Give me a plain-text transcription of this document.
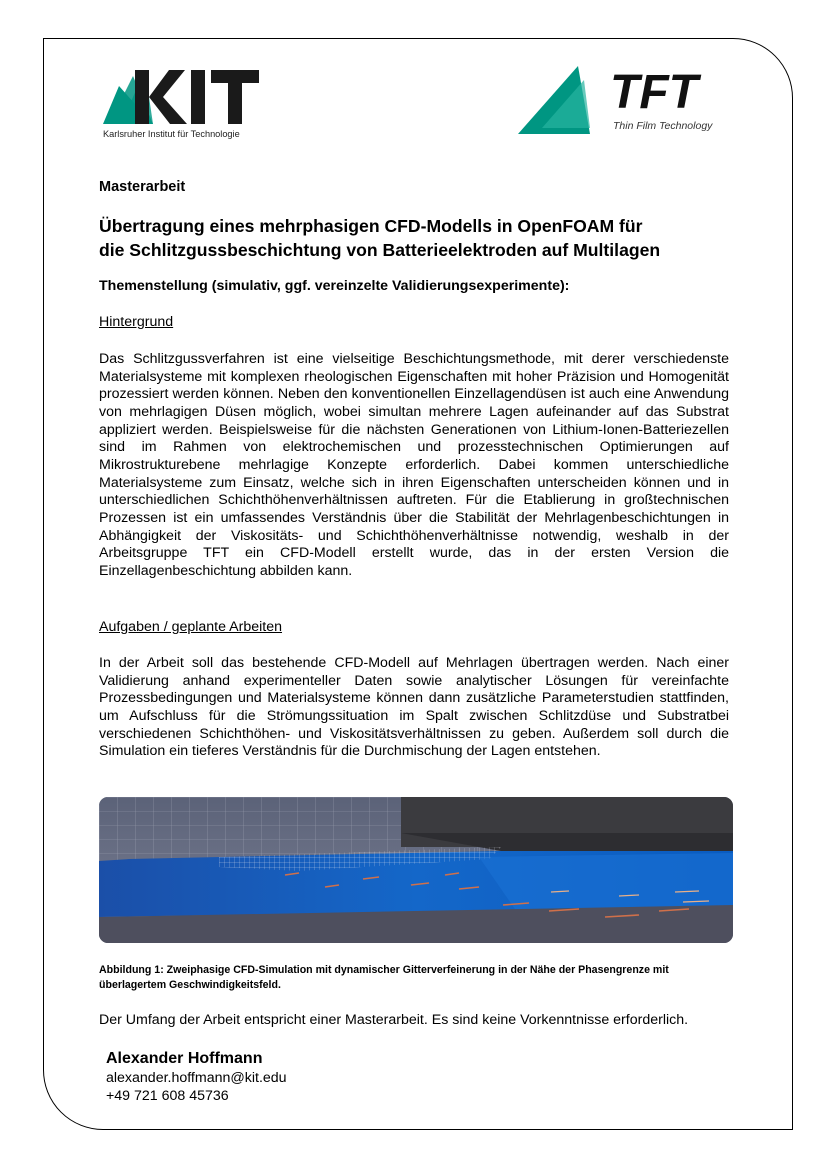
Karlsruher Institut für Technologie
TFT
Thin Film Technology
Masterarbeit
Übertragung eines mehrphasigen CFD-Modells in OpenFOAM für
die Schlitzgussbeschichtung von Batterieelektroden auf Multilagen
Themenstellung (simulativ, ggf. vereinzelte Validierungsexperimente):
Hintergrund
Das Schlitzgussverfahren ist eine vielseitige Beschichtungsmethode, mit derer verschiedenste Materialsysteme mit komplexen rheologischen Eigenschaften mit hoher Präzision und Homogenität prozessiert werden können. Neben den konventionellen Einzellagendüsen ist auch eine Anwendung von mehrlagigen Düsen möglich, wobei simultan mehrere Lagen aufeinander auf das Substrat appliziert werden. Beispielsweise für die nächsten Generationen von Lithium-Ionen-Batteriezellen sind im Rahmen von elektrochemischen und prozesstechnischen Optimierungen auf Mikrostrukturebene mehrlagige Konzepte erforderlich. Dabei kommen unterschiedliche Materialsysteme zum Einsatz, welche sich in ihren Eigenschaften unterscheiden können und in unterschiedlichen Schichthöhenverhältnissen auftreten. Für die Etablierung in großtechnischen Prozessen ist ein umfassendes Verständnis über die Stabilität der Mehrlagenbeschichtungen in Abhängigkeit der Viskositäts- und Schichthöhenverhältnisse notwendig, weshalb in der Arbeitsgruppe TFT ein CFD-Modell erstellt wurde, das in der ersten Version die Einzellagenbeschichtung abbilden kann.
Aufgaben / geplante Arbeiten
In der Arbeit soll das bestehende CFD-Modell auf Mehrlagen übertragen werden. Nach einer Validierung anhand experimenteller Daten sowie analytischer Lösungen für vereinfachte Prozessbedingungen und Materialsysteme können dann zusätzliche Parameterstudien stattfinden, um Aufschluss für die Strömungssituation im Spalt zwischen Schlitzdüse und Substratbei verschiedenen Schichthöhen- und Viskositätsverhältnissen zu geben. Außerdem soll durch die Simulation ein tieferes Verständnis für die Durchmischung der Lagen entstehen.
Abbildung 1: Zweiphasige CFD-Simulation mit dynamischer Gitterverfeinerung in der Nähe der Phasengrenze mit überlagertem Geschwindigkeitsfeld.
Der Umfang der Arbeit entspricht einer Masterarbeit. Es sind keine Vorkenntnisse erforderlich.
Alexander Hoffmann
alexander.hoffmann@kit.edu
+49 721 608 45736
